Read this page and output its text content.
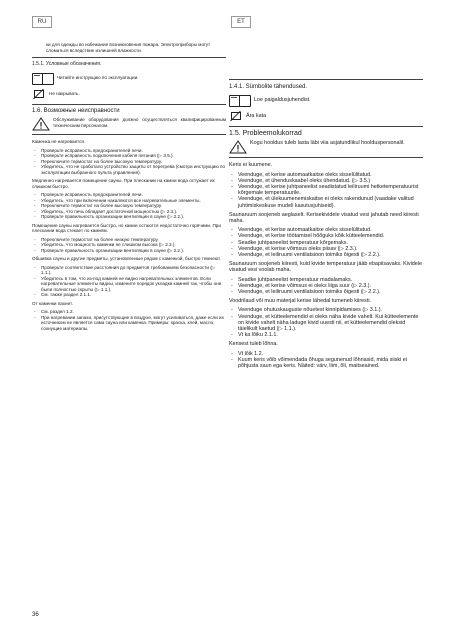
RU	ET

ки для одежды во избежание возникновения пожара. Электроприборы могут сломаться вследствие излишней влажности.

1.5.1. Условные обозначения.

Читайте инструкцию по эксплуатации.
Не накрывать.

1.6. Возможные неисправности

Обслуживание оборудования должно осуществляться квалифицированным техническим персоналом.

Каменка не нагревается.

- Проверьте исправность предохранителей печи.
- Проверьте исправность подключения кабеля питания (▷ 3.5.).
- Переключите термостат на более высокую температуру.
- Убедитесь, что не сработало устройство защиты от перегрева (смотри инструкцию по эксплуатации выбранного пульта управления).

Медленно нагревается помещение сауны. При плескании на камни вода остужает их слишком быстро.

- Проверьте исправность предохранителей печи.
- Убедитесь, что при включении накаляются все нагревательные элементы.
- Переключите термостат на более высокую температуру.
- Убедитесь, что печь обладает достаточной мощностью (▷ 2.3.).
- Проверьте правильность организации вентиляции в сауне (▷ 2.2.).

Помещение сауны нагревается быстро, но камни остаются недостаточно горячими. При плескании вода стекает по камням.

- Переключите термостат на более низкую температуру.
- Убедитесь, что мощность каменки не слишком высока (▷ 2.3.).
- Проверьте правильность организации вентиляции в сауне (▷ 2.2.).

Обшивка сауны и другие предметы, установленные рядом с каменкой, быстро темнеют.

- Проверьте соответствие расстояния до предметов требованиям безопасности (▷ 1.1.).
- Убедитесь в том, что из-под камней не видно нагревательных элементов. Если нагревательные элементы видны, измените порядок укладки камней так, чтобы они были полностью скрыты (▷ 1.1.).
- См. также раздел 2.1.1.

От каменки пахнет.

- См. раздел 1.2.
- При нагревании запахи, присутствующие в воздухе, могут усиливаться, даже если их источником не является сама сауна или каменка. Примеры: краска, клей, масло, сохнущие материалы.

1.4.1. Sümbolite tähendused.

Loe paigaldusjuhendist.
Ära kata

1.5. Probleemolukorrad

Kogu hooldus tuleb lasta läbi viia asjatundlikul hoolduspersonalil.

Keris ei kuumene.

- Veenduge, et kerise automaatkaitse oleks sisselülitatud.
- Veenduge, et ühenduskaabel oleks ühendatud. (▷ 3.5.)
- Veenduge, et kerise juhtpaneelist seadistatud leiliruumi hetketemperatuurist kõrgemale temperatuurile.
- Veenduge, et ülekuumenemiskaitse ei oleks rakendunud (vaadake valitud juhtimiskeskuse mudeli kasutusjuhiseid).

Saunaruum soojeneb aeglaselt. Kerisekividele visatud vesi jahutab need kiiresti maha.

- Veenduge, et kerise automaatkaitse oleks sisselülitatud.
- Veenduge, et kerise töötamisel hõõguks kõik kütteelemendid.
- Seadke juhtpaneelist temperatuur kõrgemaks.
- Veenduge, et kerise võimsus oleks piisav (▷ 2.3.).
- Veenduge, et leiliruumi ventilatsioon toimiks õigesti (▷ 2.2.).

Saunaruum soojeneb kiiresti, kuid kivide temperatuur jääb ebapiisavaks. Kividele visatud vesi voolab maha.

- Seadke juhtpaneelist temperatuur madalamaks.
- Veenduge, et kerise võimsus ei oleks liiga suur (▷ 2.3.).
- Veenduge, et leiliruumi ventilatsioon toimiks õigesti (▷ 2.2.).

Voodrilaud või muu materjal kerise lähedal tumeneb kiiresti.

- Veenduge ohutuskauguste nõuetest kinnipidamises (▷ 3.1.).
- Veenduge, et kütteelemendid ei oleks näha kivide vahelt. Kui kütteelemente on kivide vahelt näha laduge kivid uuesti nii, et kütteelemendid oleksid täielikult kaetud (▷ 1.1.).
- Vt ka lõiku 2.1.1.

Kerisest tuleb lõhna.

- Vt lõik 1.2.
- Kuum keris võib võimendada õhuga segunenud lõhnasid, mida siiski ei põhjusta saun ega keris. Näited: värv, liim, õli, maitseained.
36
